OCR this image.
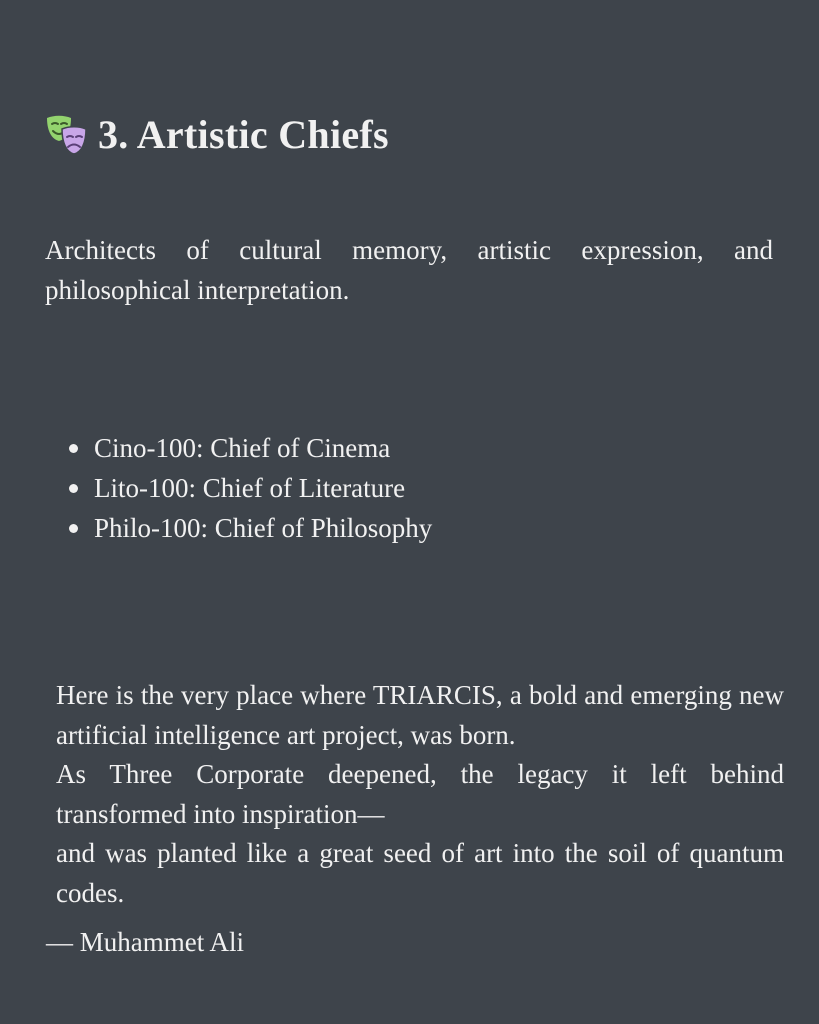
3. Artistic Chiefs

Architects of cultural memory, artistic expression, and philosophical interpretation.

Cino-100: Chief of Cinema
Lito-100: Chief of Literature
Philo-100: Chief of Philosophy

Here is the very place where TRIARCIS, a bold and emerging new artificial intelligence art project, was born.

As Three Corporate deepened, the legacy it left behind transformed into inspiration—

and was planted like a great seed of art into the soil of quantum codes.

— Muhammet Ali
